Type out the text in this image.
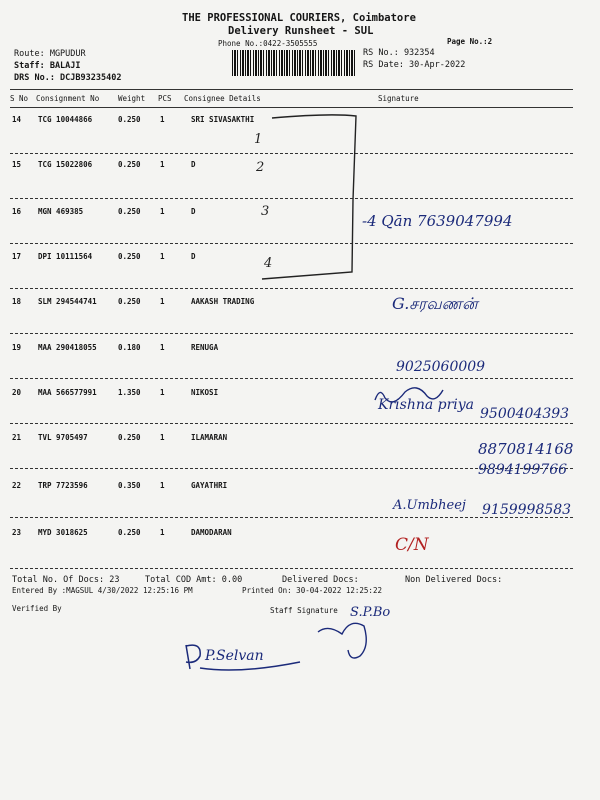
THE PROFESSIONAL COURIERS, Coimbatore
Delivery Runsheet - SUL
Phone No.:0422-3505555	Page No.:2
Route: MGPUDUR
Staff: BALAJI
DRS No.: DCJB93235402
RS No.: 932354
RS Date: 30-Apr-2022
S No Consignment No	Weight PCS Consignee Details	Signature
14 TCG 10044866	0.250	1	SRI SIVASAKTHI
15 TCG 15022806	0.250	1	D
16 MGN 469385	0.250	1	D
17 DPI 10111564	0.250	1	D
18 SLM 294544741	0.250	1	AAKASH TRADING
19 MAA 290418055	0.180	1	RENUGA
20 MAA 566577991	1.350	1	NIKOSI
21 TVL 9705497	0.250	1	ILAMARAN
22 TRP 7723596	0.350	1	GAYATHRI
23 MYD 3018625	0.250	1	DAMODARAN
1
2
3
4
-4 Qān 7639047994
G.சரவணன்
9025060009
Krishna priya
9500404393
8870814168
9894199766
A.Umbheej 9159998583
C/N
Total No. Of Docs: 23	Total COD Amt: 0.00	Delivered Docs:	Non Delivered Docs:
Entered By :MAGSUL 4/30/2022 12:25:16 PM	Printed On: 30-04-2022 12:25:22
Verified By	Staff Signature S.P.Bo
P.Selvan
